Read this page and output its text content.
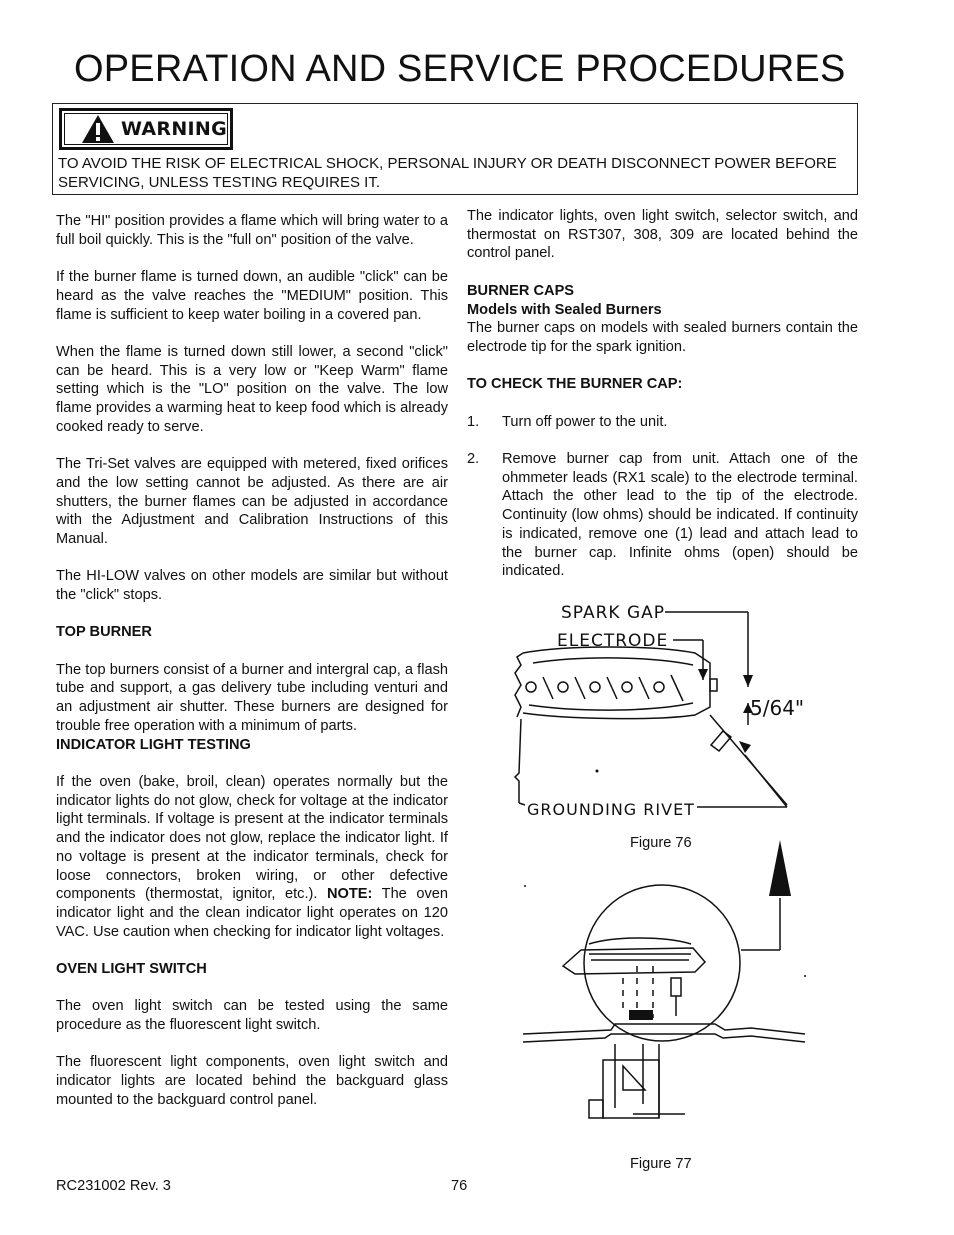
OPERATION AND SERVICE PROCEDURES
WARNING
TO AVOID THE RISK OF ELECTRICAL SHOCK, PERSONAL INJURY OR DEATH DISCONNECT POWER BEFORE SERVICING, UNLESS TESTING REQUIRES IT.

The "HI" position provides a flame which will bring water to a full boil quickly. This is the "full on" position of the valve.

If the burner flame is turned down, an audible "click" can be heard as the valve reaches the "MEDIUM" position. This flame is sufficient to keep water boiling in a covered pan.

When the flame is turned down still lower, a second "click" can be heard. This is a very low or "Keep Warm" flame setting which is the "LO" position on the valve. The low flame provides a warming heat to keep food which is already cooked ready to serve.

The Tri-Set valves are equipped with metered, fixed orifices and the low setting cannot be adjusted. As there are air shutters, the burner flames can be adjusted in accordance with the Adjustment and Calibration Instructions of this Manual.

The HI-LOW valves on other models are similar but without the "click" stops.

TOP BURNER

The top burners consist of a burner and intergral cap, a flash tube and support, a gas delivery tube including venturi and an adjustment air shutter. These burners are designed for trouble free operation with a minimum of parts.

INDICATOR LIGHT TESTING

If the oven (bake, broil, clean) operates normally but the indicator lights do not glow, check for voltage at the indicator light terminals. If voltage is present at the indicator terminals and the indicator does not glow, replace the indicator light. If no voltage is present at the indicator terminals, check for loose connectors, broken wiring, or other defective components (thermostat, ignitor, etc.). NOTE: The oven indicator light and the clean indicator light operates on 120 VAC. Use caution when checking for indicator light voltages.

OVEN LIGHT SWITCH

The oven light switch can be tested using the same procedure as the fluorescent light switch.

The fluorescent light components, oven light switch and indicator lights are located behind the backguard glass mounted to the backguard control panel.

The indicator lights, oven light switch, selector switch, and thermostat on RST307, 308, 309 are located behind the control panel.

BURNER CAPS

Models with Sealed Burners

The burner caps on models with sealed burners contain the electrode tip for the spark ignition.

TO CHECK THE BURNER CAP:

1.	Turn off power to the unit.
2.	Remove burner cap from unit. Attach one of the ohmmeter leads (RX1 scale) to the electrode terminal. Attach the other lead to the tip of the electrode. Continuity (low ohms) should be indicated. If continuity is indicated, remove one (1) lead and attach lead to the burner cap. Infinite ohms (open) should be indicated.
SPARK GAP
ELECTRODE
5/64"
GROUNDING RIVET
Figure 76
Figure 77
RC231002 Rev. 3	76
